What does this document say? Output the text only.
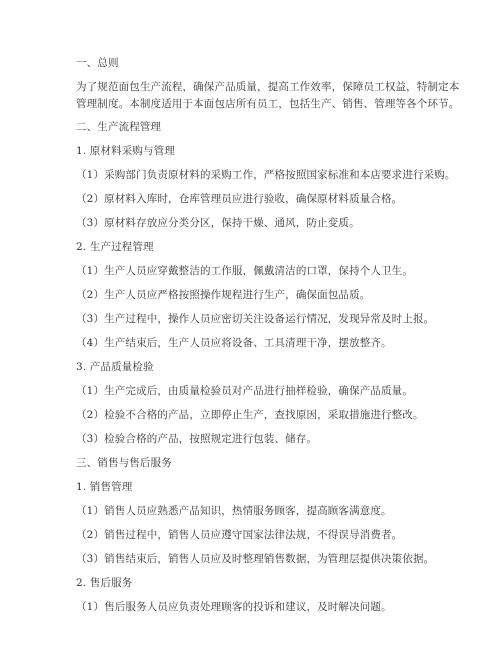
一、总则
为了规范面包生产流程，确保产品质量，提高工作效率，保障员工权益，特制定本
管理制度。本制度适用于本面包店所有员工，包括生产、销售、管理等各个环节。
二、生产流程管理
1. 原材料采购与管理
（1）采购部门负责原材料的采购工作，严格按照国家标准和本店要求进行采购。
（2）原材料入库时，仓库管理员应进行验收，确保原材料质量合格。
（3）原材料存放应分类分区，保持干燥、通风，防止变质。
2. 生产过程管理
（1）生产人员应穿戴整洁的工作服，佩戴清洁的口罩，保持个人卫生。
（2）生产人员应严格按照操作规程进行生产，确保面包品质。
（3）生产过程中，操作人员应密切关注设备运行情况，发现异常及时上报。
（4）生产结束后，生产人员应将设备、工具清理干净，摆放整齐。
3. 产品质量检验
（1）生产完成后，由质量检验员对产品进行抽样检验，确保产品质量。
（2）检验不合格的产品，立即停止生产，查找原因，采取措施进行整改。
（3）检验合格的产品，按照规定进行包装、储存。
三、销售与售后服务
1. 销售管理
（1）销售人员应熟悉产品知识，热情服务顾客，提高顾客满意度。
（2）销售过程中，销售人员应遵守国家法律法规，不得误导消费者。
（3）销售结束后，销售人员应及时整理销售数据，为管理层提供决策依据。
2. 售后服务
（1）售后服务人员应负责处理顾客的投诉和建议，及时解决问题。
